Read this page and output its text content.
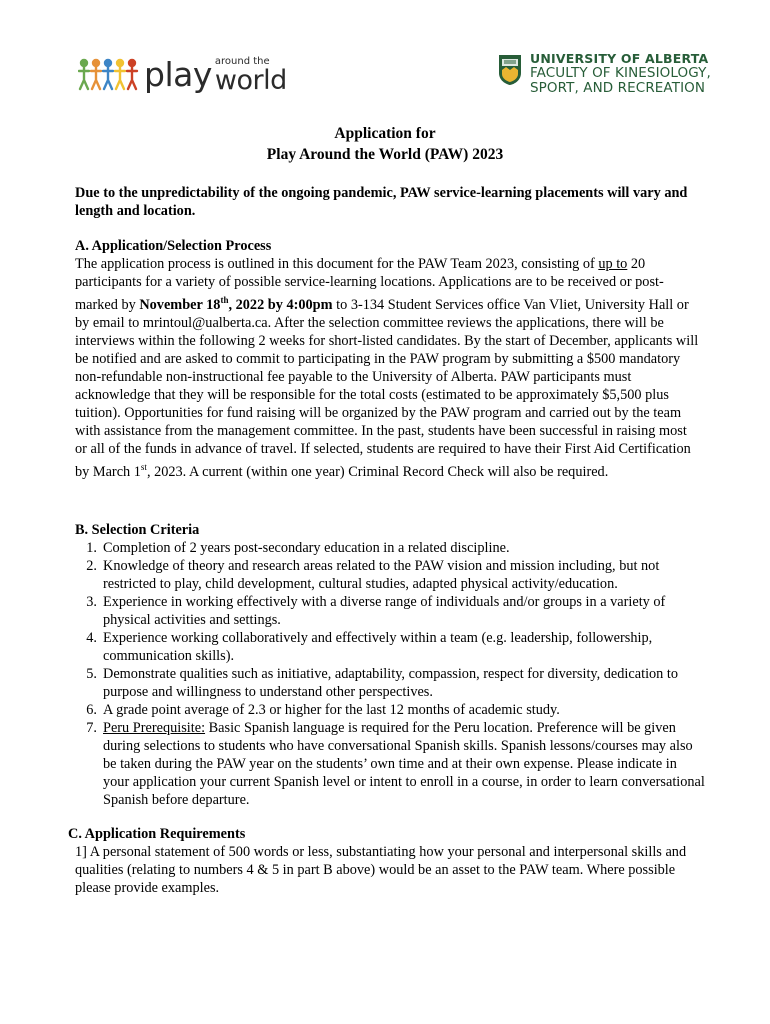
play around the
world
UNIVERSITY OF ALBERTA
FACULTY OF KINESIOLOGY,
SPORT, AND RECREATION
Application for
Play Around the World (PAW) 2023
Due to the unpredictability of the ongoing pandemic, PAW service-learning placements will vary and length and location.
A. Application/Selection Process
The application process is outlined in this document for the PAW Team 2023, consisting of up to 20 participants for a variety of possible service-learning locations. Applications are to be received or post-marked by November 18th, 2022 by 4:00pm to 3-134 Student Services office Van Vliet, University Hall or by email to mrintoul@ualberta.ca. After the selection committee reviews the applications, there will be interviews within the following 2 weeks for short-listed candidates. By the start of December, applicants will be notified and are asked to commit to participating in the PAW program by submitting a $500 mandatory non-refundable non-instructional fee payable to the University of Alberta. PAW participants must acknowledge that they will be responsible for the total costs (estimated to be approximately $5,500 plus tuition). Opportunities for fund raising will be organized by the PAW program and carried out by the team with assistance from the management committee. In the past, students have been successful in raising most or all of the funds in advance of travel. If selected, students are required to have their First Aid Certification by March 1st, 2023. A current (within one year) Criminal Record Check will also be required.
B. Selection Criteria
1. Completion of 2 years post-secondary education in a related discipline.
2. Knowledge of theory and research areas related to the PAW vision and mission including, but not restricted to play, child development, cultural studies, adapted physical activity/education.
3. Experience in working effectively with a diverse range of individuals and/or groups in a variety of physical activities and settings.
4. Experience working collaboratively and effectively within a team (e.g. leadership, followership, communication skills).
5. Demonstrate qualities such as initiative, adaptability, compassion, respect for diversity, dedication to purpose and willingness to understand other perspectives.
6. A grade point average of 2.3 or higher for the last 12 months of academic study.
7. Peru Prerequisite: Basic Spanish language is required for the Peru location. Preference will be given during selections to students who have conversational Spanish skills. Spanish lessons/courses may also be taken during the PAW year on the students’ own time and at their own expense. Please indicate in your application your current Spanish level or intent to enroll in a course, in order to learn conversational Spanish before departure.
C. Application Requirements
1] A personal statement of 500 words or less, substantiating how your personal and interpersonal skills and qualities (relating to numbers 4 & 5 in part B above) would be an asset to the PAW team. Where possible please provide examples.
